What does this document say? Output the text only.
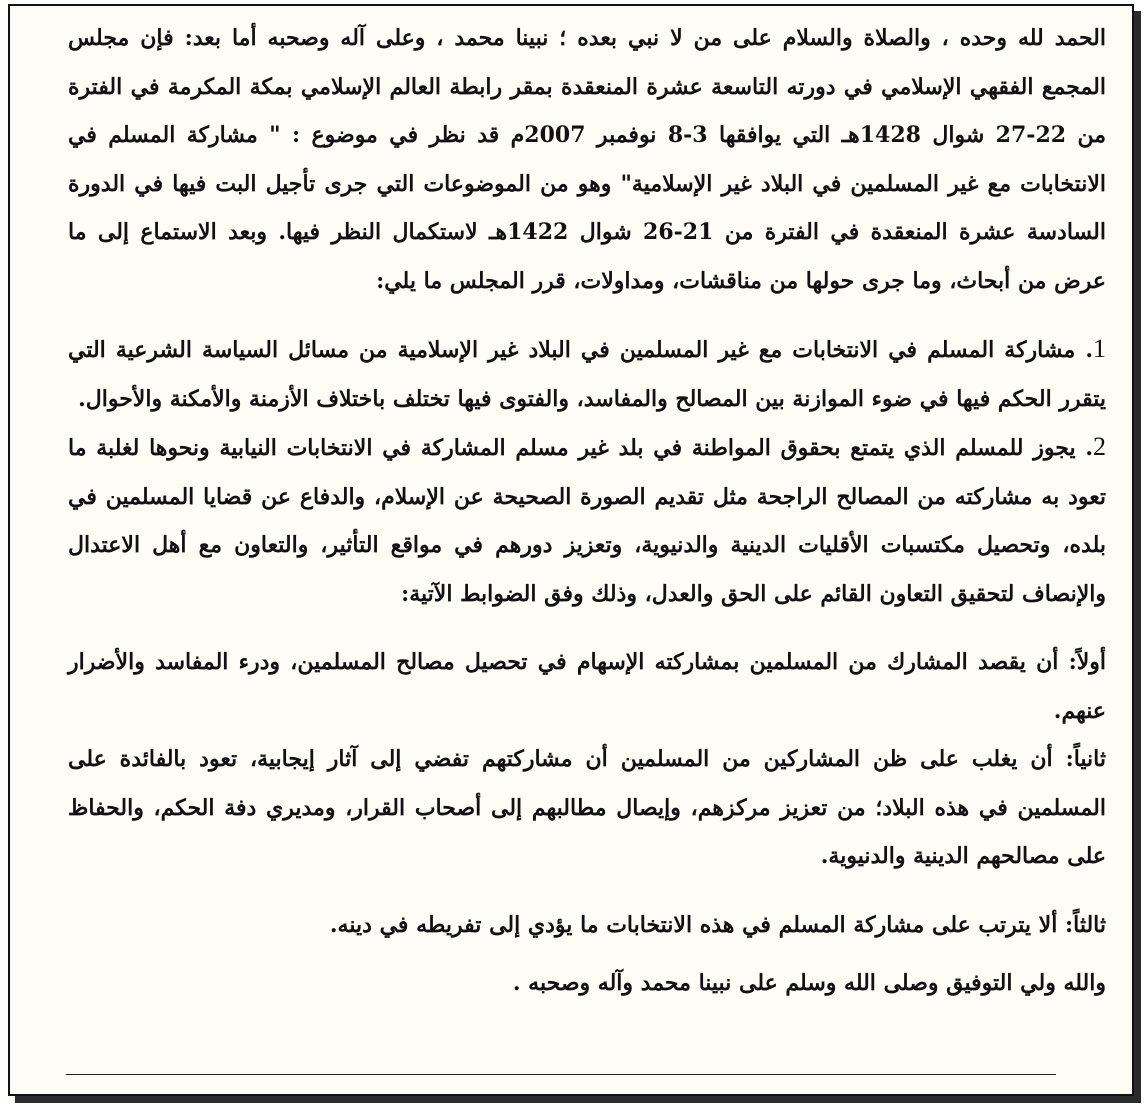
الحمد لله وحده ، والصلاة والسلام على من لا نبي بعده ؛ نبينا محمد ، وعلى آله وصحبه أما بعد: فإن مجلس المجمع الفقهي الإسلامي في دورته التاسعة عشرة المنعقدة بمقر رابطة العالم الإسلامي بمكة المكرمة في الفترة من 22-27 شوال 1428هـ التي يوافقها 3-8 نوفمبر 2007م قد نظر في موضوع : " مشاركة المسلم في الانتخابات مع غير المسلمين في البلاد غير الإسلامية" وهو من الموضوعات التي جرى تأجيل البت فيها في الدورة السادسة عشرة المنعقدة في الفترة من 21-26 شوال 1422هـ لاستكمال النظر فيها. وبعد الاستماع إلى ما عرض من أبحاث، وما جرى حولها من مناقشات، ومداولات، قرر المجلس ما يلي:

1. مشاركة المسلم في الانتخابات مع غير المسلمين في البلاد غير الإسلامية من مسائل السياسة الشرعية التي يتقرر الحكم فيها في ضوء الموازنة بين المصالح والمفاسد، والفتوى فيها تختلف باختلاف الأزمنة والأمكنة والأحوال.

2. يجوز للمسلم الذي يتمتع بحقوق المواطنة في بلد غير مسلم المشاركة في الانتخابات النيابية ونحوها لغلبة ما تعود به مشاركته من المصالح الراجحة مثل تقديم الصورة الصحيحة عن الإسلام، والدفاع عن قضايا المسلمين في بلده، وتحصيل مكتسبات الأقليات الدينية والدنيوية، وتعزيز دورهم في مواقع التأثير، والتعاون مع أهل الاعتدال والإنصاف لتحقيق التعاون القائم على الحق والعدل، وذلك وفق الضوابط الآتية:

أولاً: أن يقصد المشارك من المسلمين بمشاركته الإسهام في تحصيل مصالح المسلمين، ودرء المفاسد والأضرار عنهم.

ثانياً: أن يغلب على ظن المشاركين من المسلمين أن مشاركتهم تفضي إلى آثار إيجابية، تعود بالفائدة على المسلمين في هذه البلاد؛ من تعزيز مركزهم، وإيصال مطالبهم إلى أصحاب القرار، ومديري دفة الحكم، والحفاظ على مصالحهم الدينية والدنيوية.

ثالثاً: ألا يترتب على مشاركة المسلم في هذه الانتخابات ما يؤدي إلى تفريطه في دينه.

والله ولي التوفيق وصلى الله وسلم على نبينا محمد وآله وصحبه .
